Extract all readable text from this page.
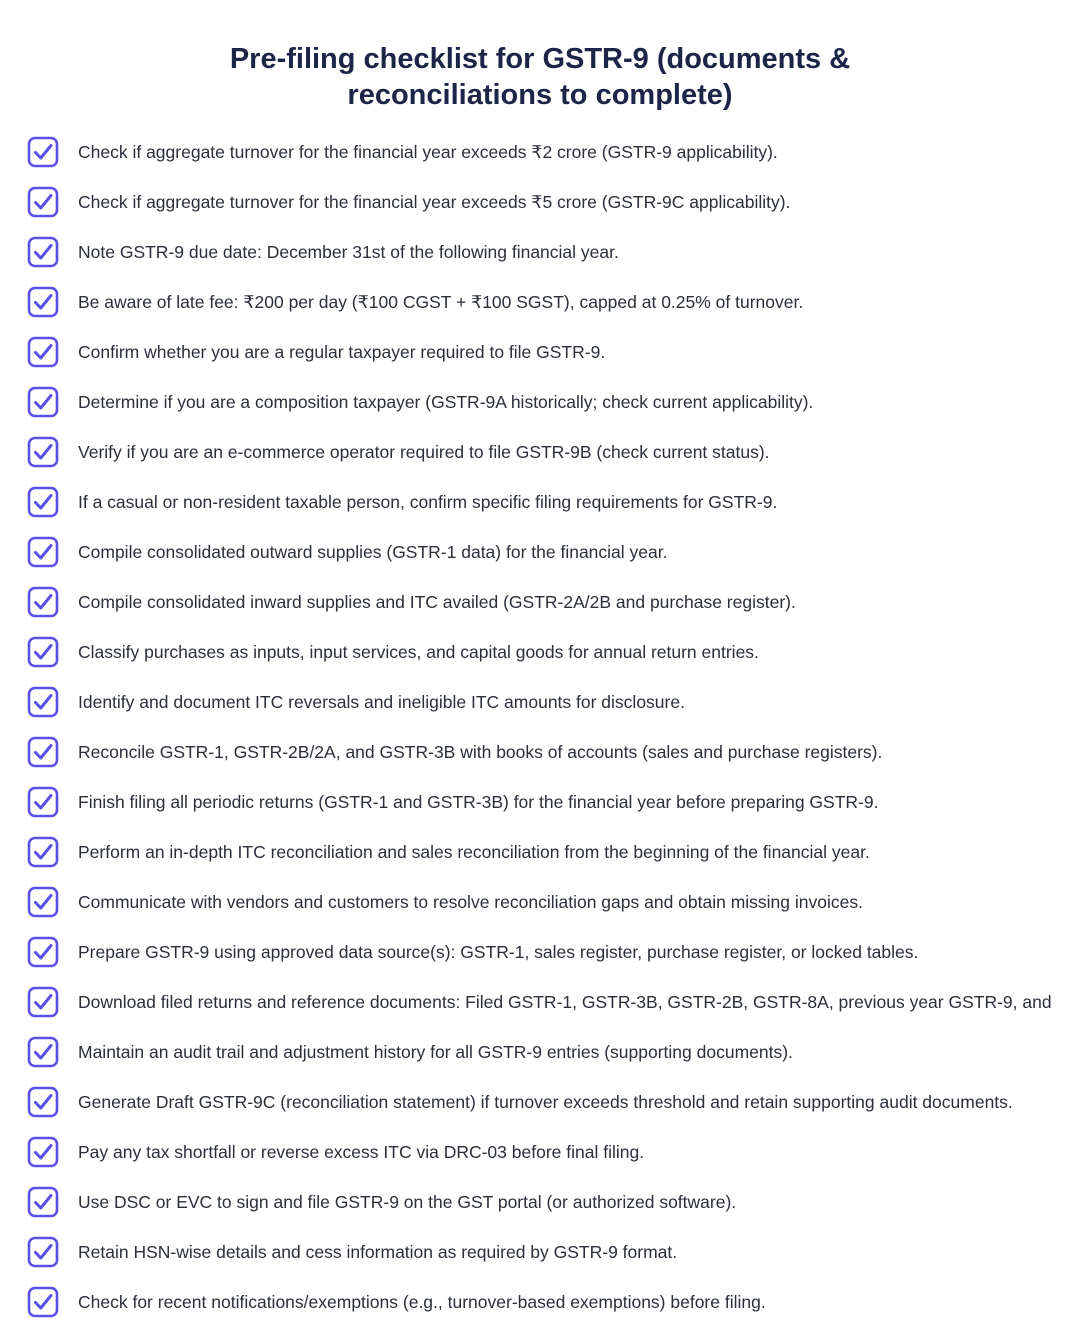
Pre-filing checklist for GSTR-9 (documents &
reconciliations to complete)
Check if aggregate turnover for the financial year exceeds ₹2 crore (GSTR-9 applicability).
Check if aggregate turnover for the financial year exceeds ₹5 crore (GSTR-9C applicability).
Note GSTR-9 due date: December 31st of the following financial year.
Be aware of late fee: ₹200 per day (₹100 CGST + ₹100 SGST), capped at 0.25% of turnover.
Confirm whether you are a regular taxpayer required to file GSTR-9.
Determine if you are a composition taxpayer (GSTR-9A historically; check current applicability).
Verify if you are an e-commerce operator required to file GSTR-9B (check current status).
If a casual or non-resident taxable person, confirm specific filing requirements for GSTR-9.
Compile consolidated outward supplies (GSTR-1 data) for the financial year.
Compile consolidated inward supplies and ITC availed (GSTR-2A/2B and purchase register).
Classify purchases as inputs, input services, and capital goods for annual return entries.
Identify and document ITC reversals and ineligible ITC amounts for disclosure.
Reconcile GSTR-1, GSTR-2B/2A, and GSTR-3B with books of accounts (sales and purchase registers).
Finish filing all periodic returns (GSTR-1 and GSTR-3B) for the financial year before preparing GSTR-9.
Perform an in-depth ITC reconciliation and sales reconciliation from the beginning of the financial year.
Communicate with vendors and customers to resolve reconciliation gaps and obtain missing invoices.
Prepare GSTR-9 using approved data source(s): GSTR-1, sales register, purchase register, or locked tables.
Download filed returns and reference documents: Filed GSTR-1, GSTR-3B, GSTR-2B, GSTR-8A, previous year GSTR-9, and
Maintain an audit trail and adjustment history for all GSTR-9 entries (supporting documents).
Generate Draft GSTR-9C (reconciliation statement) if turnover exceeds threshold and retain supporting audit documents.
Pay any tax shortfall or reverse excess ITC via DRC-03 before final filing.
Use DSC or EVC to sign and file GSTR-9 on the GST portal (or authorized software).
Retain HSN-wise details and cess information as required by GSTR-9 format.
Check for recent notifications/exemptions (e.g., turnover-based exemptions) before filing.
